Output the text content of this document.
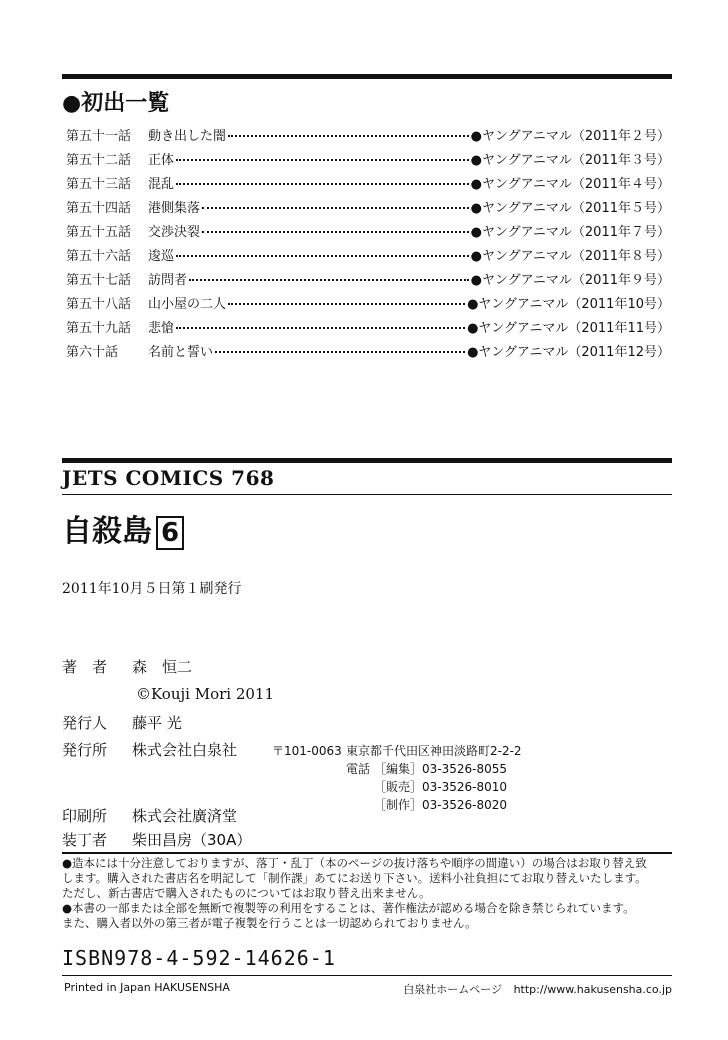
●初出一覧
第五十一話	動き出した闇	●ヤングアニマル（2011年２号）
第五十二話	正体	●ヤングアニマル（2011年３号）
第五十三話	混乱	●ヤングアニマル（2011年４号）
第五十四話	港側集落	●ヤングアニマル（2011年５号）
第五十五話	交渉決裂	●ヤングアニマル（2011年７号）
第五十六話	逡巡	●ヤングアニマル（2011年８号）
第五十七話	訪問者	●ヤングアニマル（2011年９号）
第五十八話	山小屋の二人	●ヤングアニマル（2011年10号）
第五十九話	悲愴	●ヤングアニマル（2011年11号）
第六十話	名前と誓い	●ヤングアニマル（2011年12号）
JETS COMICS 768
自殺島 6
2011年10月５日第１刷発行
著　者 森　恒二
©Kouji Mori 2011
発行人 藤平 光
発行所 株式会社白泉社	〒101-0063 東京都千代田区神田淡路町2-2-2
電話 ［編集］03-3526-8055
［販売］03-3526-8010
［制作］03-3526-8020
印刷所 株式会社廣済堂
装丁者 柴田昌房（30A）
●造本には十分注意しておりますが、落丁・乱丁（本のページの抜け落ちや順序の間違い）の場合はお取り替え致
します。購入された書店名を明記して「制作課」あてにお送り下さい。送料小社負担にてお取り替えいたします。
ただし、新古書店で購入されたものについてはお取り替え出来ません。
●本書の一部または全部を無断で複製等の利用をすることは、著作権法が認める場合を除き禁じられています。
また、購入者以外の第三者が電子複製を行うことは一切認められておりません。
ISBN978-4-592-14626-1
Printed in Japan HAKUSENSHA	白泉社ホームページ http://www.hakusensha.co.jp
